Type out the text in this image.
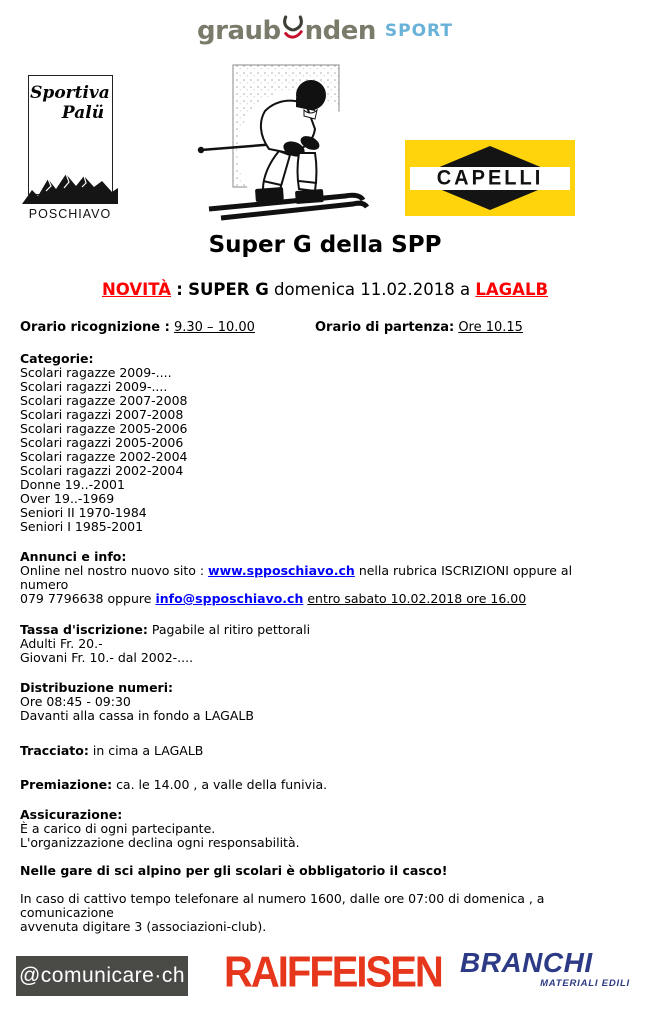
graub nden SPORT
Sportiva
Palü
POSCHIAVO
CAPELLI
Super G della SPP
NOVITÀ : SUPER G domenica 11.02.2018 a LAGALB
Orario ricognizione : 9.30 – 10.00	Orario di partenza: Ore 10.15
Categorie:
Scolari ragazze 2009-....
Scolari ragazzi 2009-....
Scolari ragazze 2007-2008
Scolari ragazzi 2007-2008
Scolari ragazze 2005-2006
Scolari ragazzi 2005-2006
Scolari ragazze 2002-2004
Scolari ragazzi 2002-2004
Donne 19..-2001
Over 19..-1969
Seniori II 1970-1984
Seniori I 1985-2001
Annunci e info:
Online nel nostro nuovo sito : www.spposchiavo.ch nella rubrica ISCRIZIONI oppure al numero
079 7796638 oppure info@spposchiavo.ch entro sabato 10.02.2018 ore 16.00
Tassa d'iscrizione: Pagabile al ritiro pettorali
Adulti Fr. 20.-
Giovani Fr. 10.- dal 2002-....
Distribuzione numeri:
Ore 08:45 - 09:30
Davanti alla cassa in fondo a LAGALB
Tracciato: in cima a LAGALB
Premiazione: ca. le 14.00 , a valle della funivia.
Assicurazione:
È a carico di ogni partecipante.
L'organizzazione declina ogni responsabilità.
Nelle gare di sci alpino per gli scolari è obbligatorio il casco!
In caso di cattivo tempo telefonare al numero 1600, dalle ore 07:00 di domenica , a comunicazione
avvenuta digitare 3 (associazioni-club).
@comunicare·ch RAIFFEISEN BRANCHI
MATERIALI EDILI
